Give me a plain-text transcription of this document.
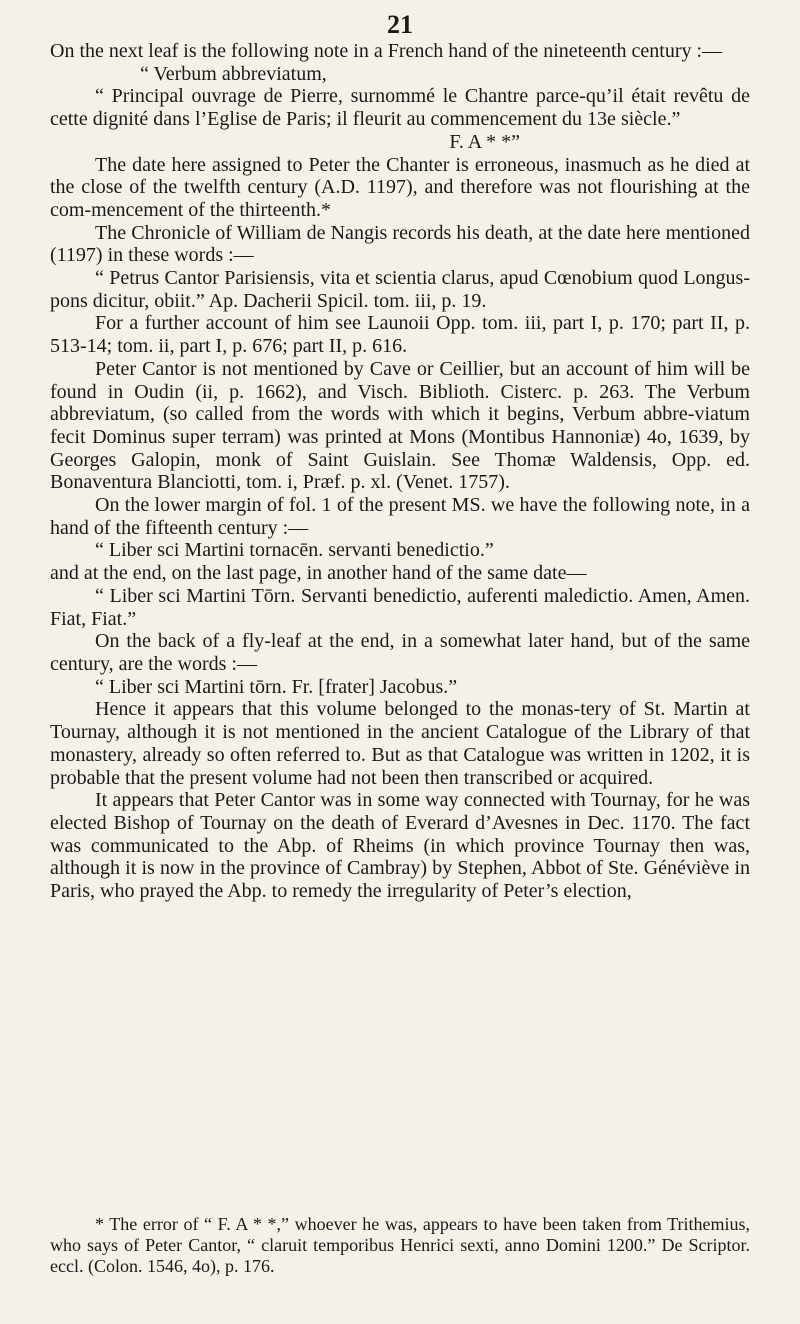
21

On the next leaf is the following note in a French hand of the nineteenth century :—

“ Verbum abbreviatum,

“ Principal ouvrage de Pierre, surnommé le Chantre parce-qu’il était revêtu de cette dignité dans l’Eglise de Paris; il fleurit au commencement du 13e siècle.”

F. A * *”

The date here assigned to Peter the Chanter is erroneous, inasmuch as he died at the close of the twelfth century (A.D. 1197), and therefore was not flourishing at the com-mencement of the thirteenth.*

The Chronicle of William de Nangis records his death, at the date here mentioned (1197) in these words :—

“ Petrus Cantor Parisiensis, vita et scientia clarus, apud Cœnobium quod Longus-pons dicitur, obiit.” Ap. Dacherii Spicil. tom. iii, p. 19.

For a further account of him see Launoii Opp. tom. iii, part I, p. 170; part II, p. 513-14; tom. ii, part I, p. 676; part II, p. 616.

Peter Cantor is not mentioned by Cave or Ceillier, but an account of him will be found in Oudin (ii, p. 1662), and Visch. Biblioth. Cisterc. p. 263. The Verbum abbreviatum, (so called from the words with which it begins, Verbum abbre-viatum fecit Dominus super terram) was printed at Mons (Montibus Hannoniæ) 4o, 1639, by Georges Galopin, monk of Saint Guislain. See Thomæ Waldensis, Opp. ed. Bonaventura Blanciotti, tom. i, Præf. p. xl. (Venet. 1757).

On the lower margin of fol. 1 of the present MS. we have the following note, in a hand of the fifteenth century :—

“ Liber sci Martini tornacēn. servanti benedictio.”

and at the end, on the last page, in another hand of the same date—

“ Liber sci Martini Tōrn. Servanti benedictio, auferenti maledictio. Amen, Amen. Fiat, Fiat.”

On the back of a fly-leaf at the end, in a somewhat later hand, but of the same century, are the words :—

“ Liber sci Martini tōrn. Fr. [frater] Jacobus.”

Hence it appears that this volume belonged to the monas-tery of St. Martin at Tournay, although it is not mentioned in the ancient Catalogue of the Library of that monastery, already so often referred to. But as that Catalogue was written in 1202, it is probable that the present volume had not been then transcribed or acquired.

It appears that Peter Cantor was in some way connected with Tournay, for he was elected Bishop of Tournay on the death of Everard d’Avesnes in Dec. 1170. The fact was communicated to the Abp. of Rheims (in which province Tournay then was, although it is now in the province of Cambray) by Stephen, Abbot of Ste. Généviève in Paris, who prayed the Abp. to remedy the irregularity of Peter’s election,

* The error of “ F. A * *,” whoever he was, appears to have been taken from Trithemius, who says of Peter Cantor, “ claruit temporibus Henrici sexti, anno Domini 1200.” De Scriptor. eccl. (Colon. 1546, 4o), p. 176.
